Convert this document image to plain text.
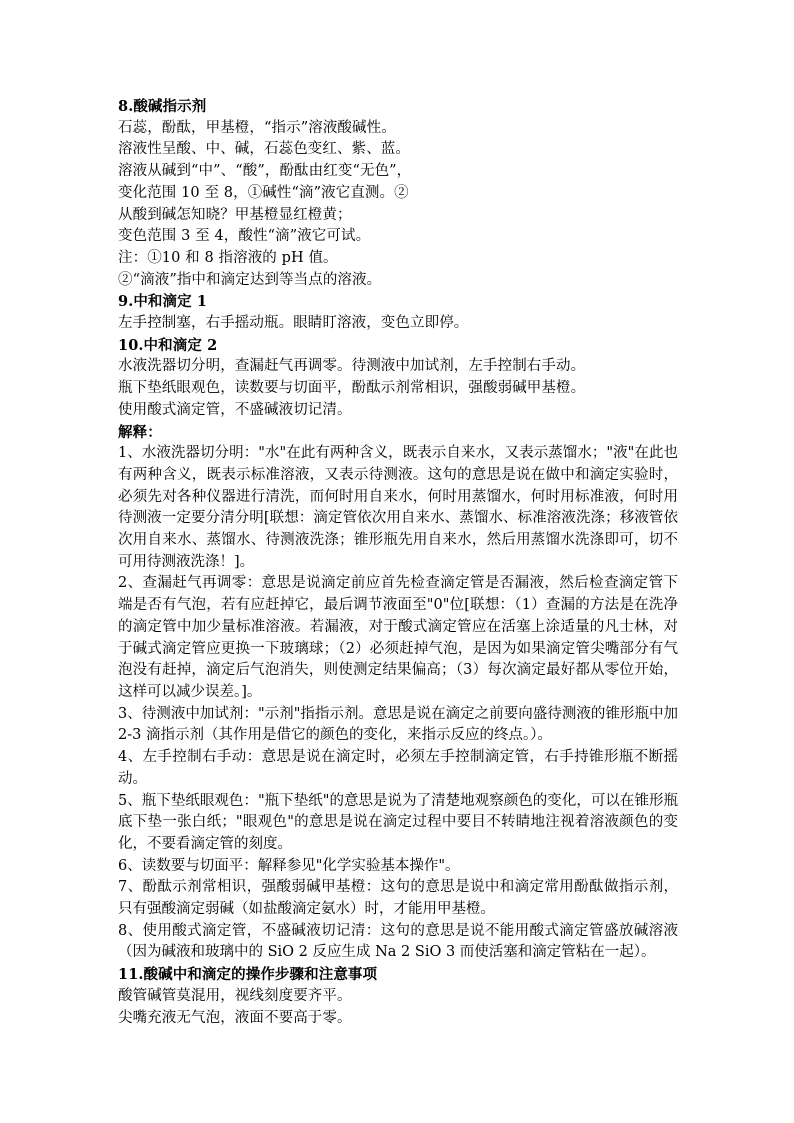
8.酸碱指示剂
石蕊，酚酞，甲基橙，“指示”溶液酸碱性。
溶液性呈酸、中、碱，石蕊色变红、紫、蓝。
溶液从碱到“中”、“酸”，酚酞由红变“无色”，
变化范围 10 至 8，①碱性“滴”液它直测。②
从酸到碱怎知晓？甲基橙显红橙黄；
变色范围 3 至 4，酸性“滴”液它可试。
注：①10 和 8 指溶液的 pH 值。
②“滴液”指中和滴定达到等当点的溶液。
9.中和滴定 1
左手控制塞，右手摇动瓶。眼睛盯溶液，变色立即停。
10.中和滴定 2
水液洗器切分明，查漏赶气再调零。待测液中加试剂，左手控制右手动。
瓶下垫纸眼观色，读数要与切面平，酚酞示剂常相识，强酸弱碱甲基橙。
使用酸式滴定管，不盛碱液切记清。
解释：
1、水液洗器切分明："水"在此有两种含义，既表示自来水，又表示蒸馏水；"液"在此也有两种含义，既表示标准溶液，又表示待测液。这句的意思是说在做中和滴定实验时，必须先对各种仪器进行清洗，而何时用自来水，何时用蒸馏水，何时用标准液，何时用待测液一定要分清分明[联想：滴定管依次用自来水、蒸馏水、标准溶液洗涤；移液管依次用自来水、蒸馏水、待测液洗涤；锥形瓶先用自来水，然后用蒸馏水洗涤即可，切不可用待测液洗涤！]。
2、查漏赶气再调零：意思是说滴定前应首先检查滴定管是否漏液，然后检查滴定管下端是否有气泡，若有应赶掉它，最后调节液面至"0"位[联想：（1）查漏的方法是在洗净的滴定管中加少量标准溶液。若漏液，对于酸式滴定管应在活塞上涂适量的凡士林，对于碱式滴定管应更换一下玻璃球；（2）必须赶掉气泡，是因为如果滴定管尖嘴部分有气泡没有赶掉，滴定后气泡消失，则使测定结果偏高；（3）每次滴定最好都从零位开始，这样可以减少误差。]。
3、待测液中加试剂："示剂"指指示剂。意思是说在滴定之前要向盛待测液的锥形瓶中加 2-3 滴指示剂（其作用是借它的颜色的变化，来指示反应的终点。）。
4、左手控制右手动：意思是说在滴定时，必须左手控制滴定管，右手持锥形瓶不断摇动。
5、瓶下垫纸眼观色："瓶下垫纸"的意思是说为了清楚地观察颜色的变化，可以在锥形瓶底下垫一张白纸；"眼观色"的意思是说在滴定过程中要目不转睛地注视着溶液颜色的变化，不要看滴定管的刻度。
6、读数要与切面平：解释参见"化学实验基本操作"。
7、酚酞示剂常相识，强酸弱碱甲基橙：这句的意思是说中和滴定常用酚酞做指示剂，只有强酸滴定弱碱（如盐酸滴定氨水）时，才能用甲基橙。
8、使用酸式滴定管，不盛碱液切记清：这句的意思是说不能用酸式滴定管盛放碱溶液（因为碱液和玻璃中的 SiO 2 反应生成 Na 2 SiO 3 而使活塞和滴定管粘在一起）。
11.酸碱中和滴定的操作步骤和注意事项
酸管碱管莫混用，视线刻度要齐平。
尖嘴充液无气泡，液面不要高于零。
